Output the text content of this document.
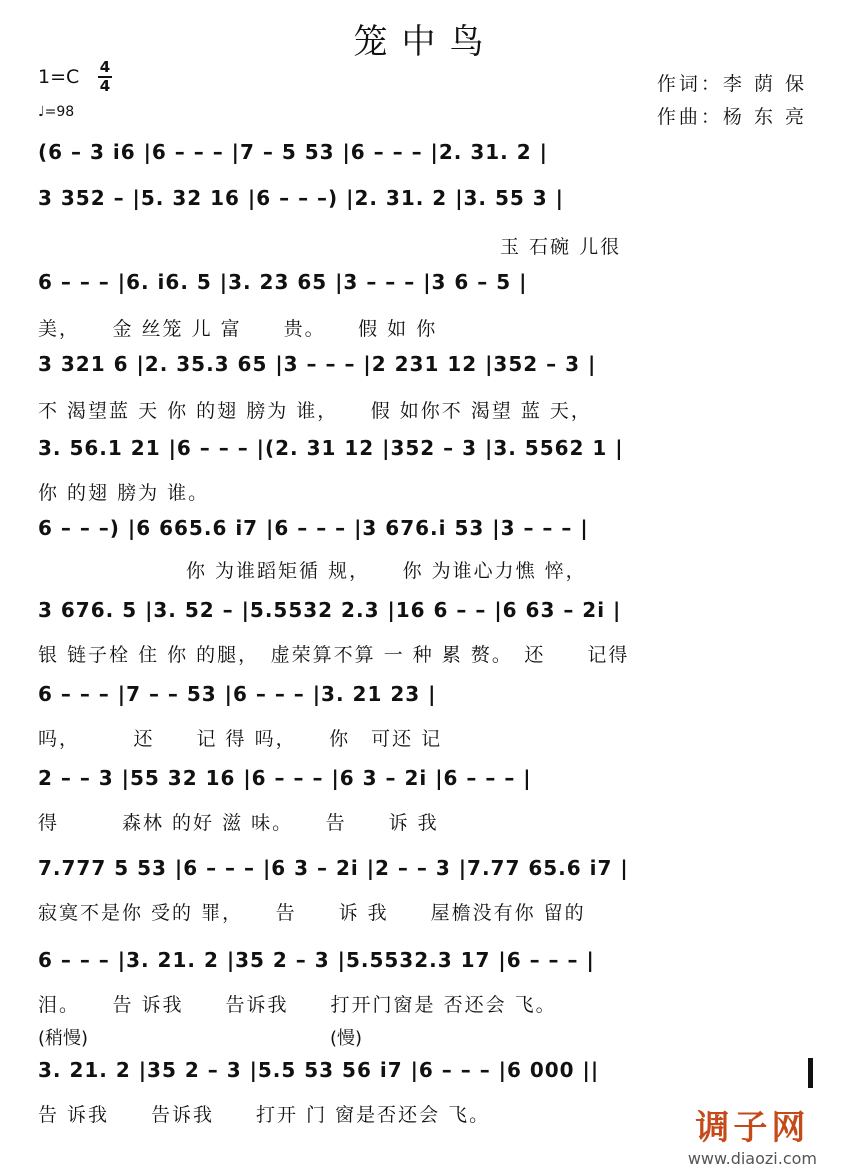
笼中鸟
1=C 4
4
♩=98
作词：李 荫 保
作曲：杨 东 亮
(6 – 3 i6 |6 – – – |7 – 5 53 |6 – – – |2. 31. 2 |
3 352 – |5. 32 16 |6 – – –) |2. 31. 2 |3. 55 3 |
玉 石碗 儿很
6 – – – |6. i6. 5 |3. 23 65 |3 – – – |3 6 – 5 |
美，　　金 丝笼 儿 富　　贵。　　假 如 你
3 321 6 |2. 35.3 65 |3 – – – |2 231 12 |352 – 3 |
不 渴望蓝 天 你 的翅 膀为 谁，　　假 如你不 渴望 蓝 天，
3. 56.1 21 |6 – – – |(2. 31 12 |352 – 3 |3. 5562 1 |
你 的翅 膀为 谁。
6 – – –) |6 665.6 i7 |6 – – – |3 676.i 53 |3 – – – |
你 为谁蹈矩循 规，　　你 为谁心力憔 悴，
3 676. 5 |3. 52 – |5.5532 2.3 |16 6 – – |6 63 – 2i |
银 链子栓 住 你 的腿，　虚荣算不算 一 种 累 赘。　还　　记得
6 – – – |7 – – 53 |6 – – – |3. 21 23 |
吗，　　　还　　记 得 吗，　　你　可还 记
2 – – 3 |55 32 16 |6 – – – |6 3 – 2i |6 – – – |
得　　　森林 的好 滋 味。　　告　　诉 我
7.777 5 53 |6 – – – |6 3 – 2i |2 – – 3 |7.77 65.6 i7 |
寂寞不是你 受的 罪，　　告　　诉 我　　屋檐没有你 留的
6 – – – |3. 21. 2 |35 2 – 3 |5.5532.3 17 |6 – – – |
泪。　　告 诉我　　告诉我　　打开门窗是 否还会 飞。
(稍慢)	(慢)
3. 21. 2 |35 2 – 3 |5.5 53 56 i7 |6 – – – |6 000 ||
告 诉我　　告诉我　　打开 门 窗是否还会 飞。	调子网
www.diaozi.com
